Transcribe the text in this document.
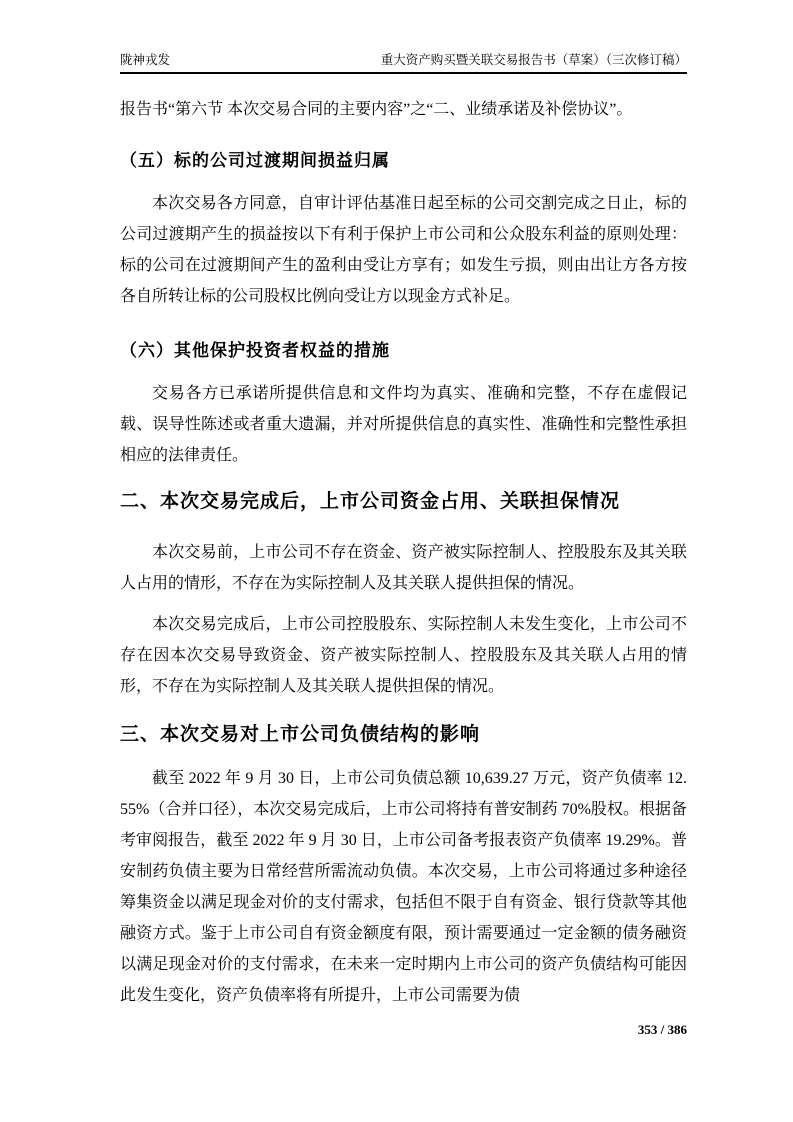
陇神戎发	重大资产购买暨关联交易报告书（草案）（三次修订稿）

报告书“第六节 本次交易合同的主要内容”之“二、业绩承诺及补偿协议”。

（五）标的公司过渡期间损益归属

本次交易各方同意，自审计评估基准日起至标的公司交割完成之日止，标的公司过渡期产生的损益按以下有利于保护上市公司和公众股东利益的原则处理：标的公司在过渡期间产生的盈利由受让方享有；如发生亏损，则由出让方各方按各自所转让标的公司股权比例向受让方以现金方式补足。

（六）其他保护投资者权益的措施

交易各方已承诺所提供信息和文件均为真实、准确和完整，不存在虚假记载、误导性陈述或者重大遗漏，并对所提供信息的真实性、准确性和完整性承担相应的法律责任。

二、本次交易完成后，上市公司资金占用、关联担保情况

本次交易前，上市公司不存在资金、资产被实际控制人、控股股东及其关联人占用的情形，不存在为实际控制人及其关联人提供担保的情况。

本次交易完成后，上市公司控股股东、实际控制人未发生变化，上市公司不存在因本次交易导致资金、资产被实际控制人、控股股东及其关联人占用的情形，不存在为实际控制人及其关联人提供担保的情况。

三、本次交易对上市公司负债结构的影响

截至 2022 年 9 月 30 日，上市公司负债总额 10,639.27 万元，资产负债率 12.55%（合并口径），本次交易完成后，上市公司将持有普安制药 70%股权。根据备考审阅报告，截至 2022 年 9 月 30 日，上市公司备考报表资产负债率 19.29%。普安制药负债主要为日常经营所需流动负债。本次交易，上市公司将通过多种途径筹集资金以满足现金对价的支付需求，包括但不限于自有资金、银行贷款等其他融资方式。鉴于上市公司自有资金额度有限，预计需要通过一定金额的债务融资以满足现金对价的支付需求，在未来一定时期内上市公司的资产负债结构可能因此发生变化，资产负债率将有所提升，上市公司需要为债

353 / 386
